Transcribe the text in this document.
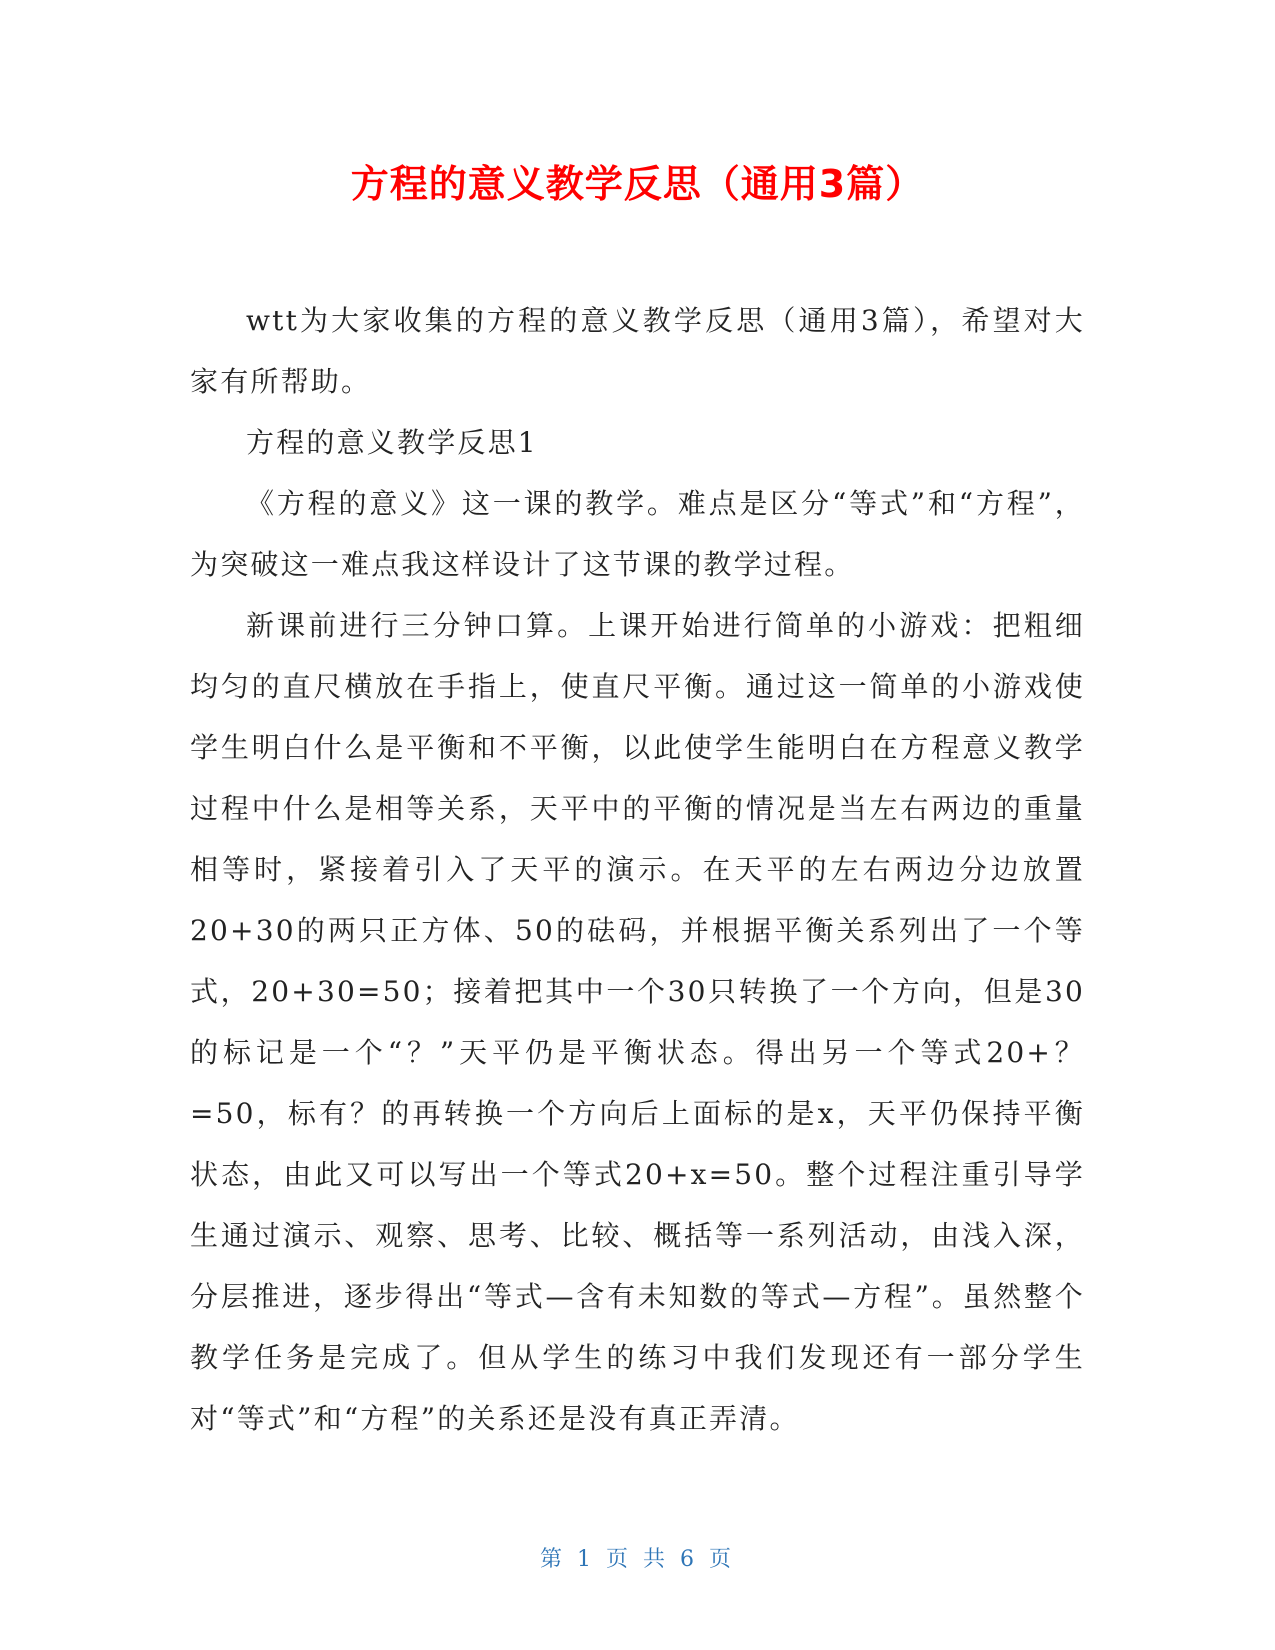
方程的意义教学反思（通用3篇）

wtt为大家收集的方程的意义教学反思（通用3篇），希望对大家有所帮助。

方程的意义教学反思1

《方程的意义》这一课的教学。难点是区分“等式”和“方程”，为突破这一难点我这样设计了这节课的教学过程。

新课前进行三分钟口算。上课开始进行简单的小游戏：把粗细均匀的直尺横放在手指上，使直尺平衡。通过这一简单的小游戏使学生明白什么是平衡和不平衡，以此使学生能明白在方程意义教学过程中什么是相等关系，天平中的平衡的情况是当左右两边的重量相等时，紧接着引入了天平的演示。在天平的左右两边分边放置20+30的两只正方体、50的砝码，并根据平衡关系列出了一个等式，20+30=50；接着把其中一个30只转换了一个方向，但是30的标记是一个“？”天平仍是平衡状态。得出另一个等式20+？=50，标有？的再转换一个方向后上面标的是x，天平仍保持平衡状态，由此又可以写出一个等式20+x=50。整个过程注重引导学生通过演示、观察、思考、比较、概括等一系列活动，由浅入深，分层推进，逐步得出“等式—含有未知数的等式—方程”。虽然整个教学任务是完成了。但从学生的练习中我们发现还有一部分学生对“等式”和“方程”的关系还是没有真正弄清。

第 1 页 共 6 页
